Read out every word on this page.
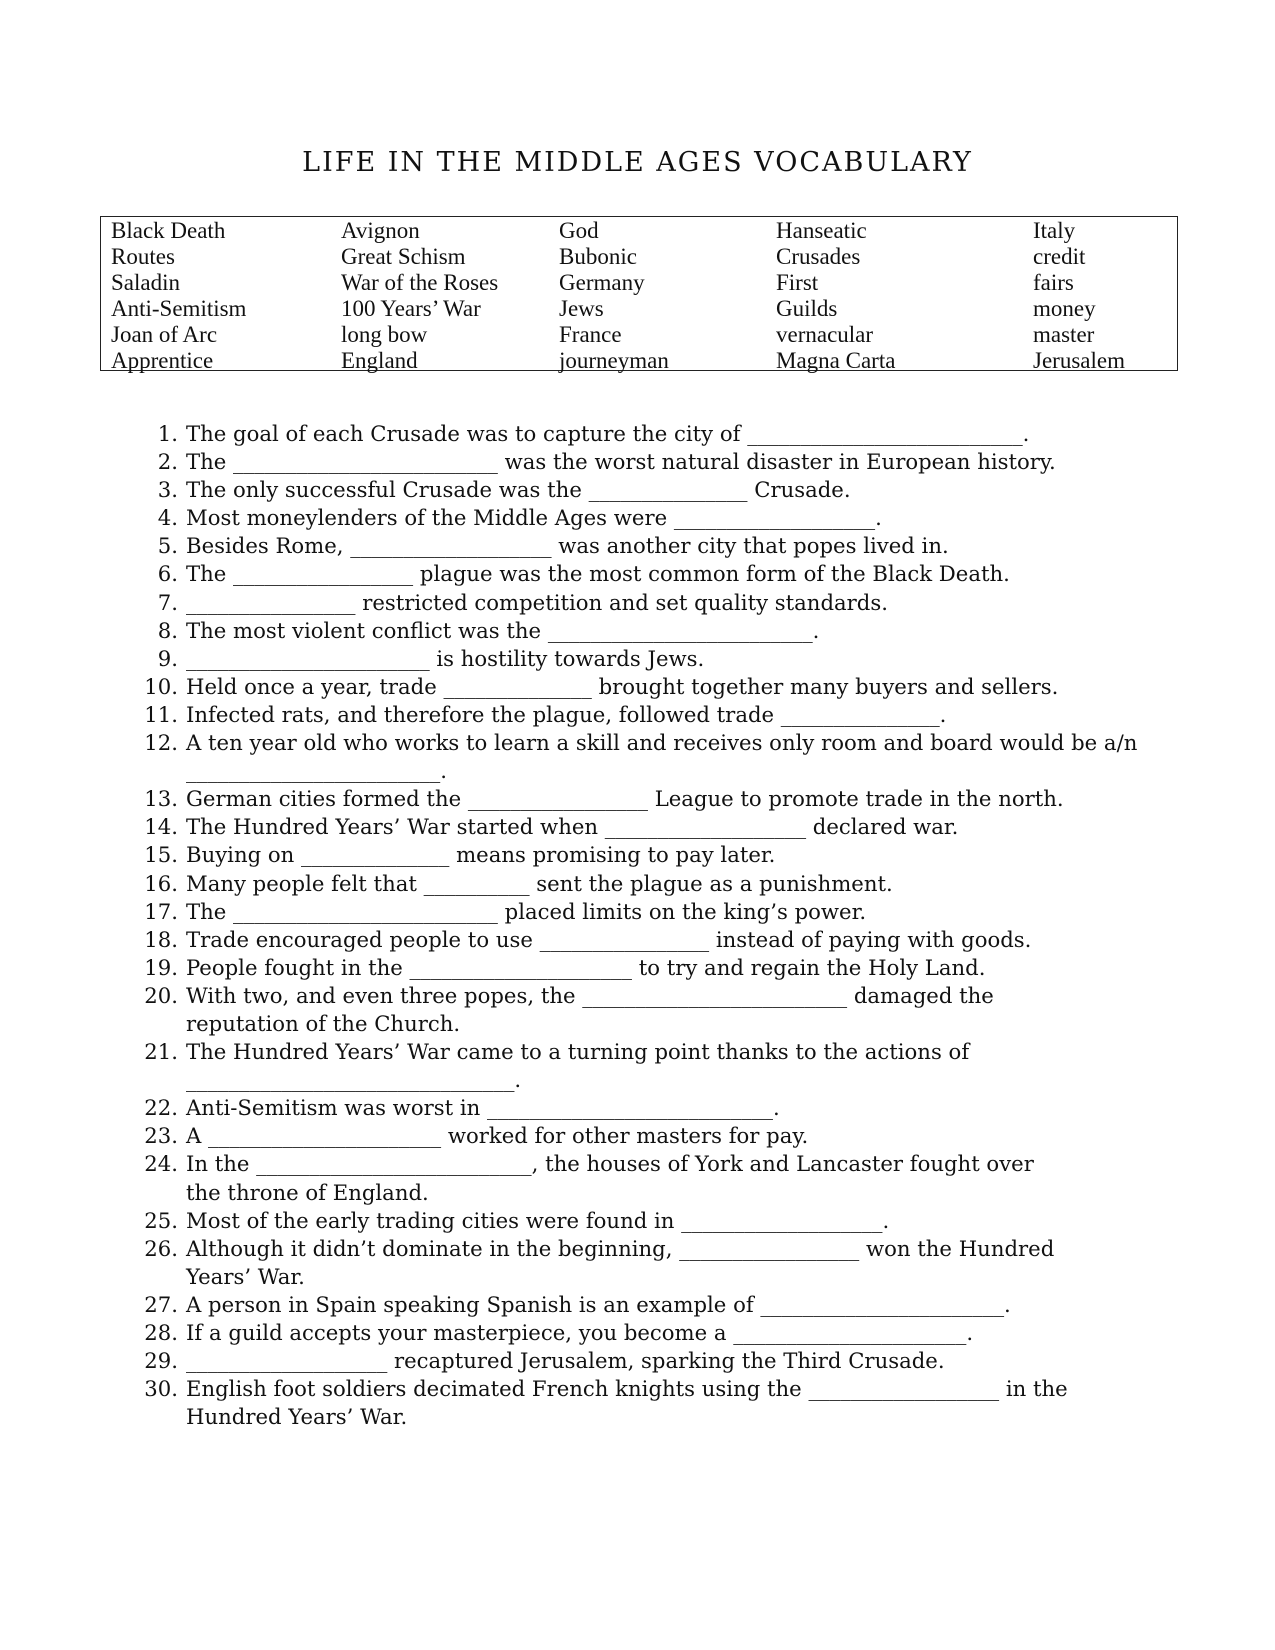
LIFE IN THE MIDDLE AGES VOCABULARY
Black Death
Routes
Saladin
Anti-Semitism
Joan of Arc
Apprentice
Avignon
Great Schism
War of the Roses
100 Years’ War
long bow
England
God
Bubonic
Germany
Jews
France
journeyman
Hanseatic
Crusades
First
Guilds
vernacular
Magna Carta
Italy
credit
fairs
money
master
Jerusalem
1. The goal of each Crusade was to capture the city of __________________________.
2. The _________________________ was the worst natural disaster in European history.
3. The only successful Crusade was the _______________ Crusade.
4. Most moneylenders of the Middle Ages were ___________________.
5. Besides Rome, ___________________ was another city that popes lived in.
6. The _________________ plague was the most common form of the Black Death.
7. ________________ restricted competition and set quality standards.
8. The most violent conflict was the _________________________.
9. _______________________ is hostility towards Jews.
10. Held once a year, trade ______________ brought together many buyers and sellers.
11. Infected rats, and therefore the plague, followed trade _______________.
12. A ten year old who works to learn a skill and receives only room and board would be a/n
________________________.
13. German cities formed the _________________ League to promote trade in the north.
14. The Hundred Years’ War started when ___________________ declared war.
15. Buying on ______________ means promising to pay later.
16. Many people felt that __________ sent the plague as a punishment.
17. The _________________________ placed limits on the king’s power.
18. Trade encouraged people to use ________________ instead of paying with goods.
19. People fought in the _____________________ to try and regain the Holy Land.
20. With two, and even three popes, the _________________________ damaged the
reputation of the Church.
21. The Hundred Years’ War came to a turning point thanks to the actions of
_______________________________.
22. Anti-Semitism was worst in ___________________________.
23. A ______________________ worked for other masters for pay.
24. In the __________________________, the houses of York and Lancaster fought over
the throne of England.
25. Most of the early trading cities were found in ___________________.
26. Although it didn’t dominate in the beginning, _________________ won the Hundred
Years’ War.
27. A person in Spain speaking Spanish is an example of _______________________.
28. If a guild accepts your masterpiece, you become a ______________________.
29. ___________________ recaptured Jerusalem, sparking the Third Crusade.
30. English foot soldiers decimated French knights using the __________________ in the
Hundred Years’ War.
